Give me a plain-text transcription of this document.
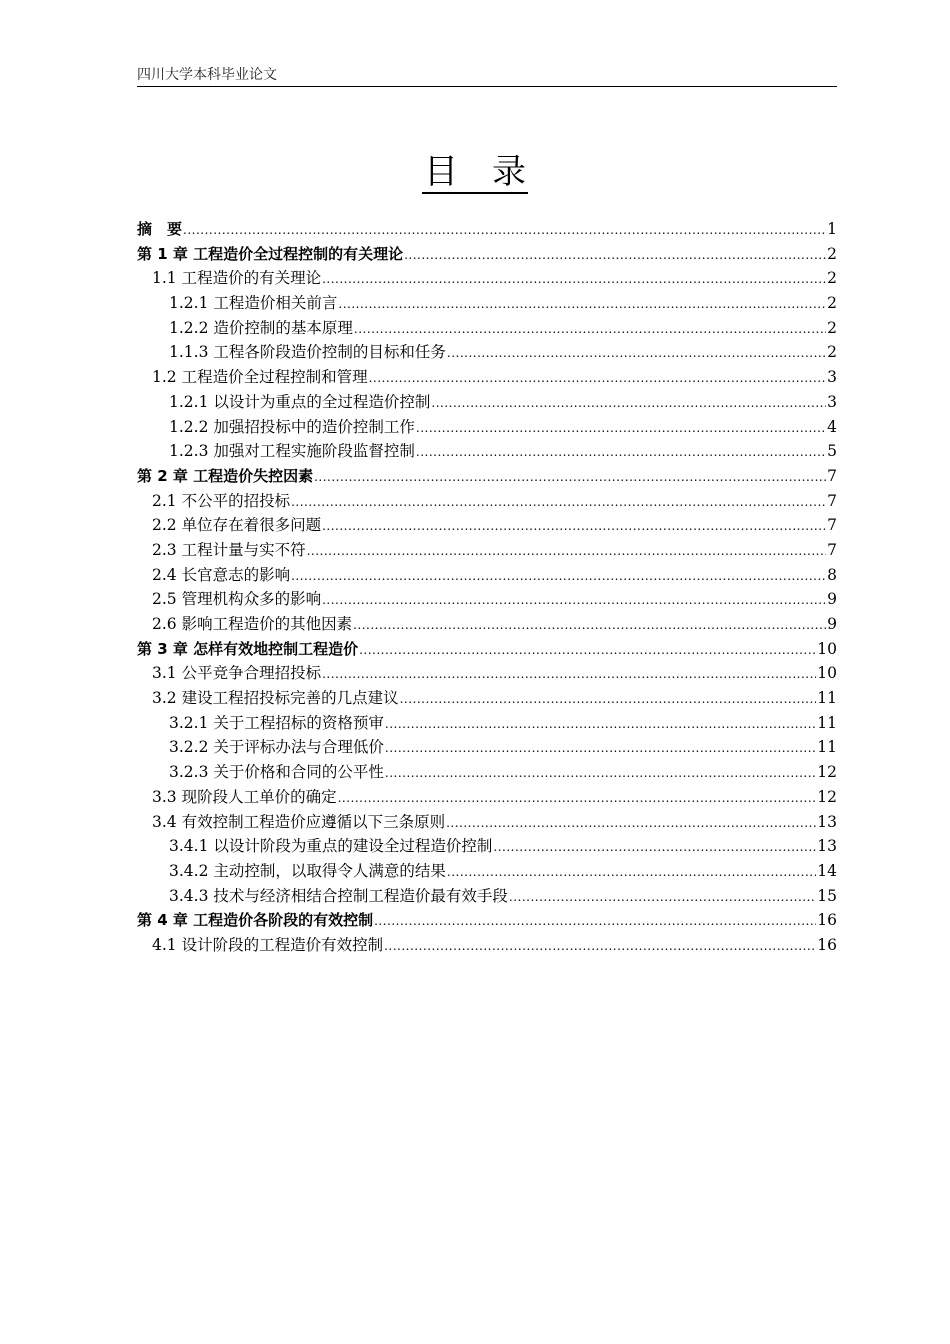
四川大学本科毕业论文
目　录
摘　要 .....	1
第 1 章 工程造价全过程控制的有关理论 .....	2
1.1 工程造价的有关理论 .....	2
1.2.1 工程造价相关前言 .....	2
1.2.2 造价控制的基本原理 .....	2
1.1.3 工程各阶段造价控制的目标和任务 .....	2
1.2 工程造价全过程控制和管理 .....	3
1.2.1 以设计为重点的全过程造价控制 .....	3
1.2.2 加强招投标中的造价控制工作 .....	4
1.2.3 加强对工程实施阶段监督控制 .....	5
第 2 章 工程造价失控因素 .....	7
2.1 不公平的招投标 .....	7
2.2 单位存在着很多问题 .....	7
2.3 工程计量与实不符 .....	7
2.4 长官意志的影响 .....	8
2.5 管理机构众多的影响 .....	9
2.6 影响工程造价的其他因素 .....	9
第 3 章 怎样有效地控制工程造价 .....	10
3.1 公平竞争合理招投标 .....	10
3.2 建设工程招投标完善的几点建议 .....	11
3.2.1 关于工程招标的资格预审 .....	11
3.2.2 关于评标办法与合理低价 .....	11
3.2.3 关于价格和合同的公平性 .....	12
3.3 现阶段人工单价的确定 .....	12
3.4 有效控制工程造价应遵循以下三条原则 .....	13
3.4.1 以设计阶段为重点的建设全过程造价控制 .....	13
3.4.2 主动控制，以取得令人满意的结果 .....	14
3.4.3 技术与经济相结合控制工程造价最有效手段 .....	15
第 4 章 工程造价各阶段的有效控制 .....	16
4.1 设计阶段的工程造价有效控制 .....	16
